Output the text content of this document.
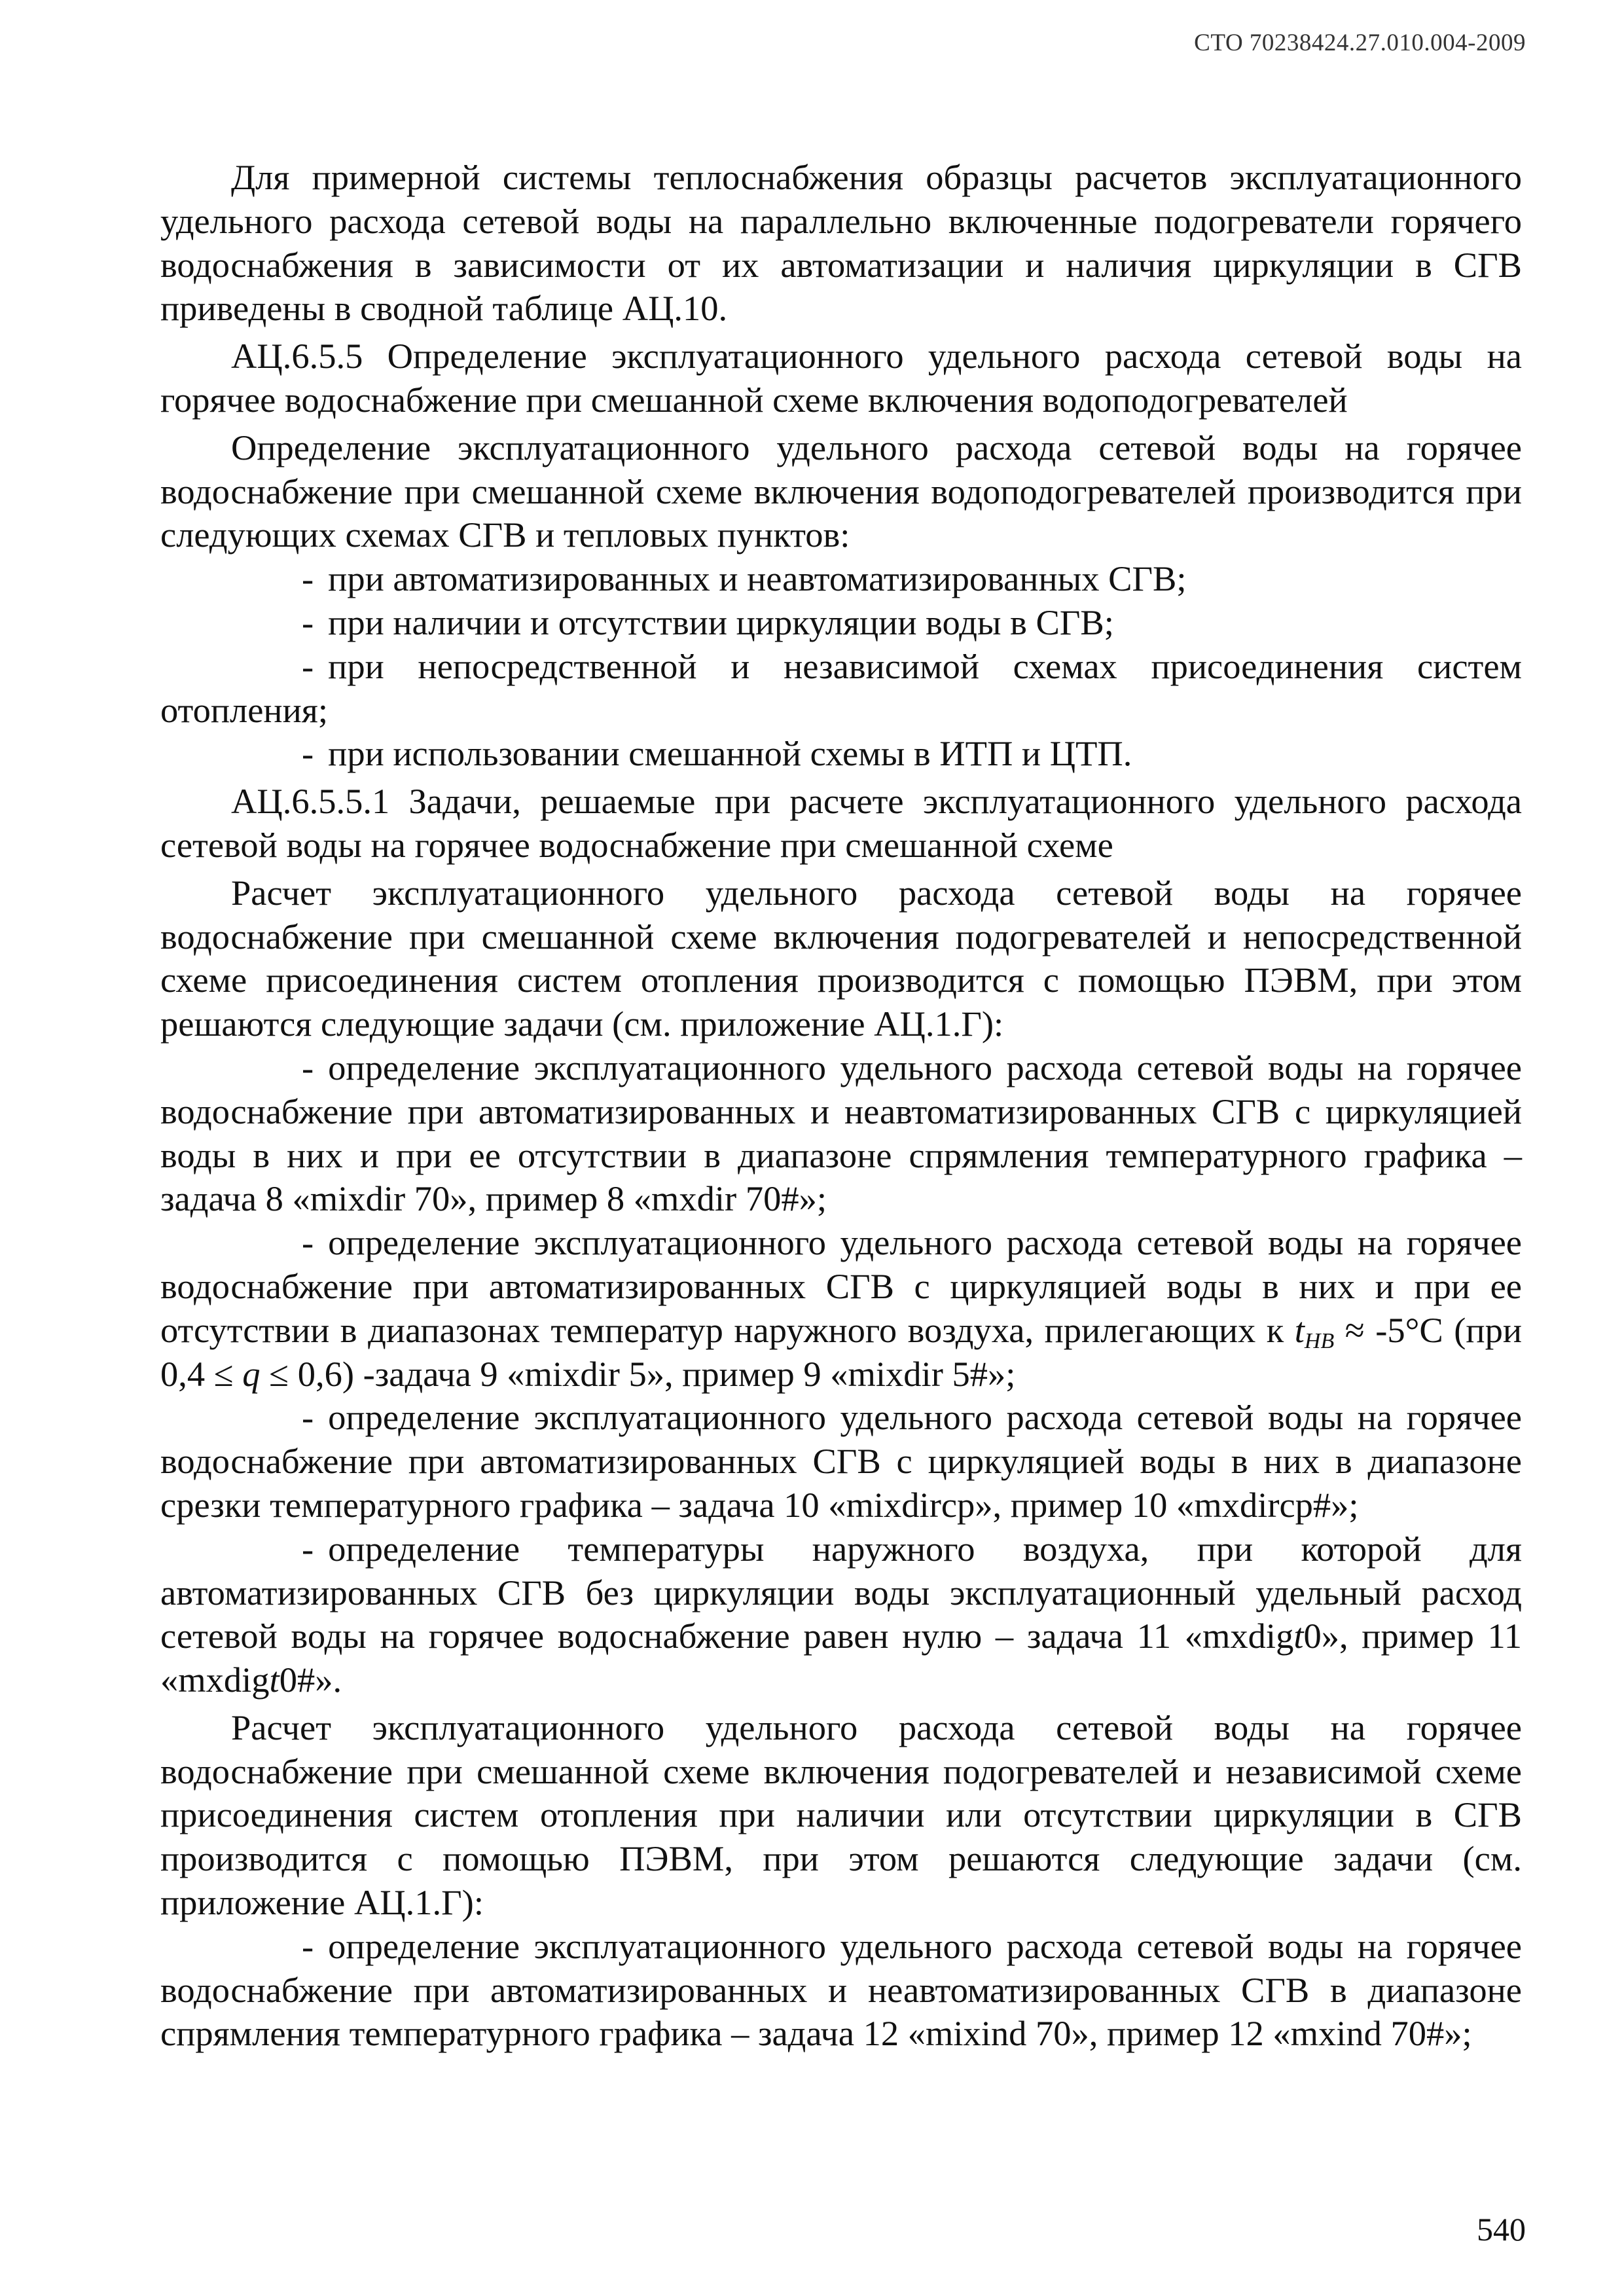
СТО 70238424.27.010.004-2009

Для примерной системы теплоснабжения образцы расчетов эксплуатационного удельного расхода сетевой воды на параллельно включенные подогреватели горячего водоснабжения в зависимости от их автоматизации и наличия циркуляции в СГВ приведены в сводной таблице АЦ.10.

АЦ.6.5.5 Определение эксплуатационного удельного расхода сетевой воды на горячее водоснабжение при смешанной схеме включения водоподогревателей

Определение эксплуатационного удельного расхода сетевой воды на горячее водоснабжение при смешанной схеме включения водоподогревателей производится при следующих схемах СГВ и тепловых пунктов:

- при автоматизированных и неавтоматизированных СГВ;

- при наличии и отсутствии циркуляции воды в СГВ;

- при непосредственной и независимой схемах присоединения систем отопления;

- при использовании смешанной схемы в ИТП и ЦТП.

АЦ.6.5.5.1 Задачи, решаемые при расчете эксплуатационного удельного расхода сетевой воды на горячее водоснабжение при смешанной схеме

Расчет эксплуатационного удельного расхода сетевой воды на горячее водоснабжение при смешанной схеме включения подогревателей и непосредственной схеме присоединения систем отопления производится с помощью ПЭВМ, при этом решаются следующие задачи (см. приложение АЦ.1.Г):

- определение эксплуатационного удельного расхода сетевой воды на горячее водоснабжение при автоматизированных и неавтоматизированных СГВ с циркуляцией воды в них и при ее отсутствии в диапазоне спрямления температурного графика – задача 8 «mixdir 70», пример 8 «mxdir 70#»;

- определение эксплуатационного удельного расхода сетевой воды на горячее водоснабжение при автоматизированных СГВ с циркуляцией воды в них и при ее отсутствии в диапазонах температур наружного воздуха, прилегающих к $t_{НВ} \approx -5^\circ С$ (при 0,4 ≤ q ≤ 0,6) -задача 9 «mixdir 5», пример 9 «mixdir 5#»;

- определение эксплуатационного удельного расхода сетевой воды на горячее водоснабжение при автоматизированных СГВ с циркуляцией воды в них в диапазоне срезки температурного графика – задача 10 «mixdircp», пример 10 «mxdircp#»;

- определение температуры наружного воздуха, при которой для автоматизированных СГВ без циркуляции воды эксплуатационный удельный расход сетевой воды на горячее водоснабжение равен нулю – задача 11 «mxdigt0», пример 11 «mxdigt0#».

Расчет эксплуатационного удельного расхода сетевой воды на горячее водоснабжение при смешанной схеме включения подогревателей и независимой схеме присоединения систем отопления при наличии или отсутствии циркуляции в СГВ производится с помощью ПЭВМ, при этом решаются следующие задачи (см. приложение АЦ.1.Г):

- определение эксплуатационного удельного расхода сетевой воды на горячее водоснабжение при автоматизированных и неавтоматизированных СГВ в диапазоне спрямления температурного графика – задача 12 «mixind 70», пример 12 «mxind 70#»;

540
